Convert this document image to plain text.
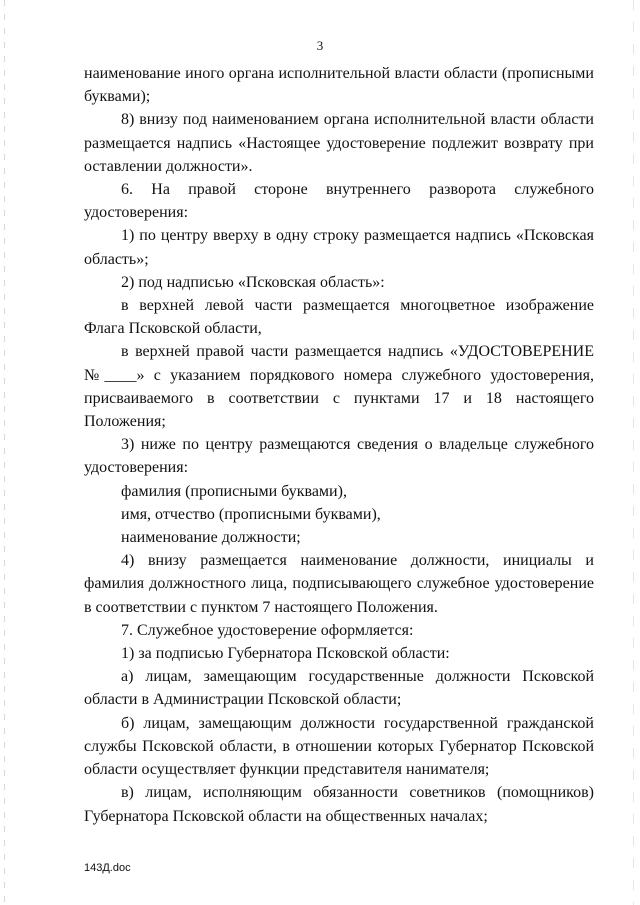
3

наименование иного органа исполнительной власти области (прописными буквами);

8) внизу под наименованием органа исполнительной власти области размещается надпись «Настоящее удостоверение подлежит возврату при оставлении должности».

6. На правой стороне внутреннего разворота служебного удостоверения:

1) по центру вверху в одну строку размещается надпись «Псковская область»;

2) под надписью «Псковская область»:

в верхней левой части размещается многоцветное изображение Флага Псковской области,

в верхней правой части размещается надпись «УДОСТОВЕРЕНИЕ №____» с указанием порядкового номера служебного удостоверения, присваиваемого в соответствии с пунктами 17 и 18 настоящего Положения;

3) ниже по центру размещаются сведения о владельце служебного удостоверения:

фамилия (прописными буквами),

имя, отчество (прописными буквами),

наименование должности;

4) внизу размещается наименование должности, инициалы и фамилия должностного лица, подписывающего служебное удостоверение в соответствии с пунктом 7 настоящего Положения.

7. Служебное удостоверение оформляется:

1) за подписью Губернатора Псковской области:

а) лицам, замещающим государственные должности Псковской области в Администрации Псковской области;

б) лицам, замещающим должности государственной гражданской службы Псковской области, в отношении которых Губернатор Псковской области осуществляет функции представителя нанимателя;

в) лицам, исполняющим обязанности советников (помощников) Губернатора Псковской области на общественных началах;

143Д.doc
